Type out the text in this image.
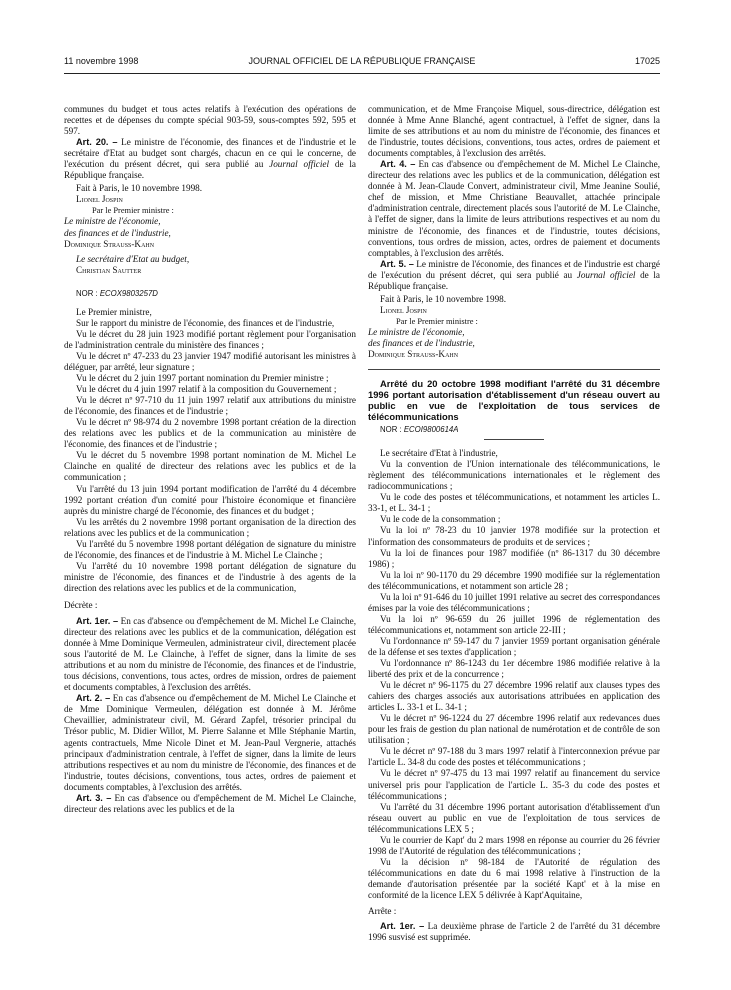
11 novembre 1998	JOURNAL OFFICIEL DE LA RÉPUBLIQUE FRANÇAISE	17025

communes du budget et tous actes relatifs à l'exécution des opérations de recettes et de dépenses du compte spécial 903-59, sous-comptes 592, 595 et 597.

Art. 20. – Le ministre de l'économie, des finances et de l'industrie et le secrétaire d'Etat au budget sont chargés, chacun en ce qui le concerne, de l'exécution du présent décret, qui sera publié au Journal officiel de la République française.

Fait à Paris, le 10 novembre 1998.

Lionel Jospin

Par le Premier ministre :

Le ministre de l'économie,

des finances et de l'industrie,

Dominique Strauss-Kahn

Le secrétaire d'Etat au budget,

Christian Sautter

NOR : ECOX9803257D

Le Premier ministre,

Sur le rapport du ministre de l'économie, des finances et de l'industrie,

Vu le décret du 28 juin 1923 modifié portant règlement pour l'organisation de l'administration centrale du ministère des finances ;

Vu le décret nº 47-233 du 23 janvier 1947 modifié autorisant les ministres à déléguer, par arrêté, leur signature ;

Vu le décret du 2 juin 1997 portant nomination du Premier ministre ;

Vu le décret du 4 juin 1997 relatif à la composition du Gouvernement ;

Vu le décret nº 97-710 du 11 juin 1997 relatif aux attributions du ministre de l'économie, des finances et de l'industrie ;

Vu le décret nº 98-974 du 2 novembre 1998 portant création de la direction des relations avec les publics et de la communication au ministère de l'économie, des finances et de l'industrie ;

Vu le décret du 5 novembre 1998 portant nomination de M. Michel Le Clainche en qualité de directeur des relations avec les publics et de la communication ;

Vu l'arrêté du 13 juin 1994 portant modification de l'arrêté du 4 décembre 1992 portant création d'un comité pour l'histoire économique et financière auprès du ministre chargé de l'économie, des finances et du budget ;

Vu les arrêtés du 2 novembre 1998 portant organisation de la direction des relations avec les publics et de la communication ;

Vu l'arrêté du 5 novembre 1998 portant délégation de signature du ministre de l'économie, des finances et de l'industrie à M. Michel Le Clainche ;

Vu l'arrêté du 10 novembre 1998 portant délégation de signature du ministre de l'économie, des finances et de l'industrie à des agents de la direction des relations avec les publics et de la communication,

Décrète :

Art. 1er. – En cas d'absence ou d'empêchement de M. Michel Le Clainche, directeur des relations avec les publics et de la communication, délégation est donnée à Mme Dominique Vermeulen, administrateur civil, directement placée sous l'autorité de M. Le Clainche, à l'effet de signer, dans la limite de ses attributions et au nom du ministre de l'économie, des finances et de l'industrie, tous décisions, conventions, tous actes, ordres de mission, ordres de paiement et documents comptables, à l'exclusion des arrêtés.

Art. 2. – En cas d'absence ou d'empêchement de M. Michel Le Clainche et de Mme Dominique Vermeulen, délégation est donnée à M. Jérôme Chevaillier, administrateur civil, M. Gérard Zapfel, trésorier principal du Trésor public, M. Didier Willot, M. Pierre Salanne et Mlle Stéphanie Martin, agents contractuels, Mme Nicole Dinet et M. Jean-Paul Vergnerie, attachés principaux d'administration centrale, à l'effet de signer, dans la limite de leurs attributions respectives et au nom du ministre de l'économie, des finances et de l'industrie, toutes décisions, conventions, tous actes, ordres de paiement et documents comptables, à l'exclusion des arrêtés.

Art. 3. – En cas d'absence ou d'empêchement de M. Michel Le Clainche, directeur des relations avec les publics et de la

communication, et de Mme Françoise Miquel, sous-directrice, délégation est donnée à Mme Anne Blanché, agent contractuel, à l'effet de signer, dans la limite de ses attributions et au nom du ministre de l'économie, des finances et de l'industrie, toutes décisions, conventions, tous actes, ordres de paiement et documents comptables, à l'exclusion des arrêtés.

Art. 4. – En cas d'absence ou d'empêchement de M. Michel Le Clainche, directeur des relations avec les publics et de la communication, délégation est donnée à M. Jean-Claude Convert, administrateur civil, Mme Jeanine Soulié, chef de mission, et Mme Christiane Beauvallet, attachée principale d'administration centrale, directement placés sous l'autorité de M. Le Clainche, à l'effet de signer, dans la limite de leurs attributions respectives et au nom du ministre de l'économie, des finances et de l'industrie, toutes décisions, conventions, tous ordres de mission, actes, ordres de paiement et documents comptables, à l'exclusion des arrêtés.

Art. 5. – Le ministre de l'économie, des finances et de l'industrie est chargé de l'exécution du présent décret, qui sera publié au Journal officiel de la République française.

Fait à Paris, le 10 novembre 1998.

Lionel Jospin

Par le Premier ministre :

Le ministre de l'économie,

des finances et de l'industrie,

Dominique Strauss-Kahn

Arrêté du 20 octobre 1998 modifiant l'arrêté du 31 décembre 1996 portant autorisation d'établissement d'un réseau ouvert au public en vue de l'exploitation de tous services de télécommunications

NOR : ECOI9800614A

Le secrétaire d'Etat à l'industrie,

Vu la convention de l'Union internationale des télécommunications, le règlement des télécommunications internationales et le règlement des radiocommunications ;

Vu le code des postes et télécommunications, et notamment les articles L. 33-1, et L. 34-1 ;

Vu le code de la consommation ;

Vu la loi nº 78-23 du 10 janvier 1978 modifiée sur la protection et l'information des consommateurs de produits et de services ;

Vu la loi de finances pour 1987 modifiée (nº 86-1317 du 30 décembre 1986) ;

Vu la loi nº 90-1170 du 29 décembre 1990 modifiée sur la réglementation des télécommunications, et notamment son article 28 ;

Vu la loi nº 91-646 du 10 juillet 1991 relative au secret des correspondances émises par la voie des télécommunications ;

Vu la loi nº 96-659 du 26 juillet 1996 de réglementation des télécommunications et, notamment son article 22-III ;

Vu l'ordonnance nº 59-147 du 7 janvier 1959 portant organisation générale de la défense et ses textes d'application ;

Vu l'ordonnance nº 86-1243 du 1er décembre 1986 modifiée relative à la liberté des prix et de la concurrence ;

Vu le décret nº 96-1175 du 27 décembre 1996 relatif aux clauses types des cahiers des charges associés aux autorisations attribuées en application des articles L. 33-1 et L. 34-1 ;

Vu le décret nº 96-1224 du 27 décembre 1996 relatif aux redevances dues pour les frais de gestion du plan national de numérotation et de contrôle de son utilisation ;

Vu le décret nº 97-188 du 3 mars 1997 relatif à l'interconnexion prévue par l'article L. 34-8 du code des postes et télécommunications ;

Vu le décret nº 97-475 du 13 mai 1997 relatif au financement du service universel pris pour l'application de l'article L. 35-3 du code des postes et télécommunications ;

Vu l'arrêté du 31 décembre 1996 portant autorisation d'établissement d'un réseau ouvert au public en vue de l'exploitation de tous services de télécommunications LEX 5 ;

Vu le courrier de Kapt' du 2 mars 1998 en réponse au courrier du 26 février 1998 de l'Autorité de régulation des télécommunications ;

Vu la décision nº 98-184 de l'Autorité de régulation des télécommunications en date du 6 mai 1998 relative à l'instruction de la demande d'autorisation présentée par la société Kapt' et à la mise en conformité de la licence LEX 5 délivrée à Kapt'Aquitaine,

Arrête :

Art. 1er. – La deuxième phrase de l'article 2 de l'arrêté du 31 décembre 1996 susvisé est supprimée.
